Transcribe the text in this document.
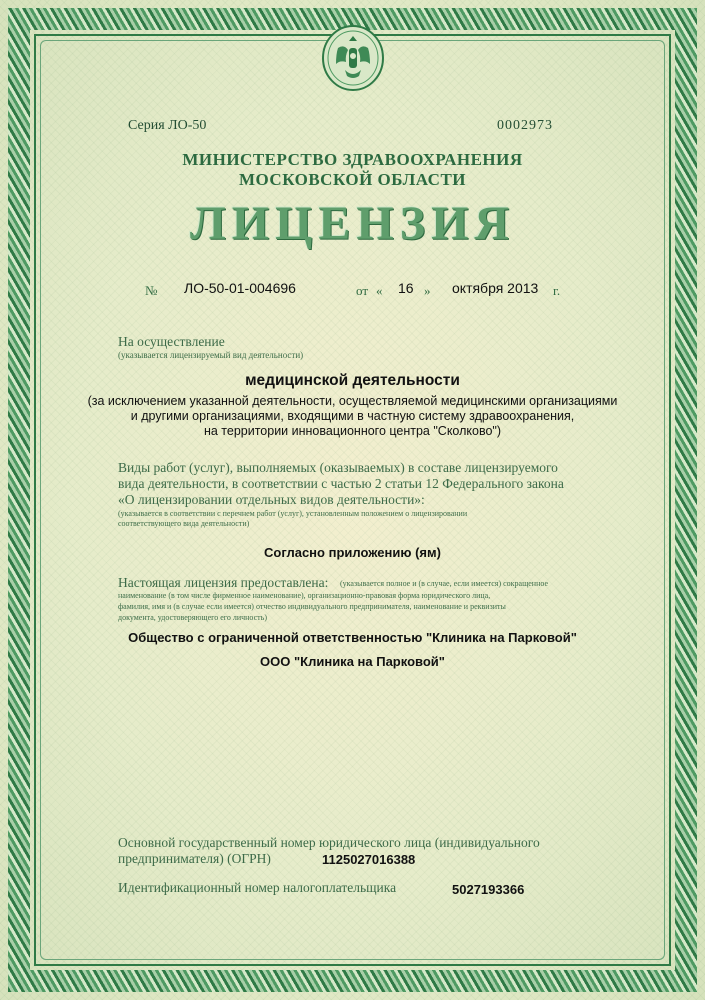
Серия ЛО-50	0002973
МИНИСТЕРСТВО ЗДРАВООХРАНЕНИЯ
МОСКОВСКОЙ ОБЛАСТИ
ЛИЦЕНЗИЯ
№ ЛО-50-01-004696	от « 16 » октября 2013 г.
На осуществление
(указывается лицензируемый вид деятельности)
медицинской деятельности
(за исключением указанной деятельности, осуществляемой медицинскими организациями
и другими организациями, входящими в частную систему здравоохранения,
на территории инновационного центра "Сколково")
Виды работ (услуг), выполняемых (оказываемых) в составе лицензируемого
вида деятельности, в соответствии с частью 2 статьи 12 Федерального закона
«О лицензировании отдельных видов деятельности»:
(указывается в соответствии с перечнем работ (услуг), установленным положением о лицензировании
соответствующего вида деятельности)
Согласно приложению (ям)
Настоящая лицензия предоставлена: (указывается полное и (в случае, если имеется) сокращенное
наименование (в том числе фирменное наименование), организационно-правовая форма юридического лица,
фамилия, имя и (в случае если имеется) отчество индивидуального предпринимателя, наименование и реквизиты
документа, удостоверяющего его личность)
Общество с ограниченной ответственностью "Клиника на Парковой"
ООО "Клиника на Парковой"
Основной государственный номер юридического лица (индивидуального
предпринимателя) (ОГРН)	1125027016388
Идентификационный номер налогоплательщика	5027193366
